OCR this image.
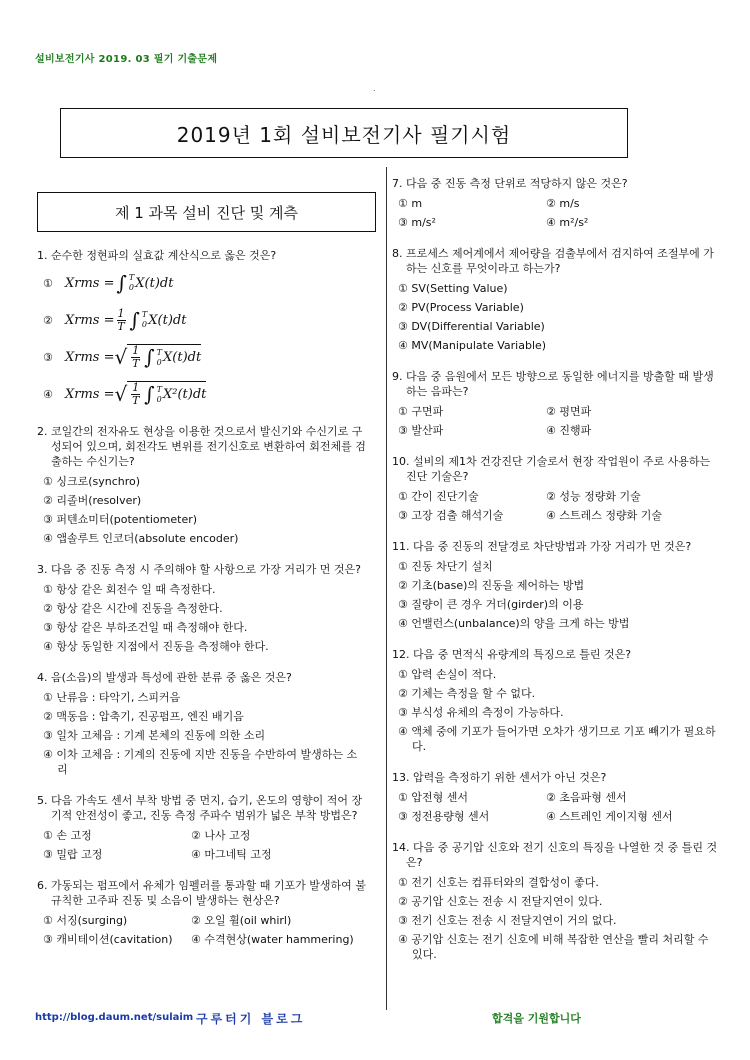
설비보전기사 2019. 03 필기 기출문제
.
2019년 1회 설비보전기사 필기시험
제 1 과목 설비 진단 및 계측
1. 순수한 정현파의 실효값 계산식으로 옳은 것은?
① Xrms = ∫ T
0 X(t)dt
② Xrms = $\frac{1}{T}$ ∫ T
0 X(t)dt
③ Xrms = √ $\frac{1}{T}$ ∫ T
0 X(t)dt
④ Xrms = √ $\frac{1}{T}$ ∫ T
0 X²(t)dt
2. 코일간의 전자유도 현상을 이용한 것으로서 발신기와 수신기로 구성되어 있으며, 회전각도 변위를 전기신호로 변환하여 회전체를 검출하는 수신기는?
① 싱크로(synchro)
② 리졸버(resolver)
③ 퍼텐쇼미터(potentiometer)
④ 앱솔루트 인코더(absolute encoder)
3. 다음 중 진동 측정 시 주의해야 할 사항으로 가장 거리가 먼 것은?
① 항상 같은 회전수 일 때 측정한다.
② 항상 같은 시간에 진동을 측정한다.
③ 항상 같은 부하조건일 때 측정해야 한다.
④ 항상 동일한 지점에서 진동을 측정해야 한다.
4. 음(소음)의 발생과 특성에 관한 분류 중 옳은 것은?
① 난류음 : 타악기, 스피커음
② 맥동음 : 압축기, 진공펌프, 엔진 배기음
③ 일차 고체음 : 기계 본체의 진동에 의한 소리
④ 이차 고체음 : 기계의 진동에 지반 진동을 수반하여 발생하는 소리
5. 다음 가속도 센서 부착 방법 중 먼지, 습기, 온도의 영향이 적어 장기적 안전성이 좋고, 진동 측정 주파수 범위가 넓은 부착 방법은?
① 손 고정	② 나사 고정
③ 밀랍 고정	④ 마그네틱 고정
6. 가동되는 펌프에서 유체가 임펠러를 통과할 때 기포가 발생하여 불규칙한 고주파 진동 및 소음이 발생하는 현상은?
① 서징(surging)	② 오일 휠(oil whirl)
③ 캐비테이션(cavitation)	④ 수격현상(water hammering)
7. 다음 중 진동 측정 단위로 적당하지 않은 것은?
① m	② m/s
③ m/s²	④ m²/s²
8. 프로세스 제어계에서 제어량을 검출부에서 검지하여 조절부에 가하는 신호를 무엇이라고 하는가?
① SV(Setting Value)
② PV(Process Variable)
③ DV(Differential Variable)
④ MV(Manipulate Variable)
9. 다음 중 음원에서 모든 방향으로 동일한 에너지를 방출할 때 발생하는 음파는?
① 구면파	② 평면파
③ 발산파	④ 진행파
10. 설비의 제1차 건강진단 기술로서 현장 작업원이 주로 사용하는 진단 기술은?
① 간이 진단기술	② 성능 정량화 기술
③ 고장 검출 해석기술	④ 스트레스 정량화 기술
11. 다음 중 진동의 전달경로 차단방법과 가장 거리가 먼 것은?
① 진동 차단기 설치
② 기초(base)의 진동을 제어하는 방법
③ 질량이 큰 경우 거더(girder)의 이용
④ 언밸런스(unbalance)의 양을 크게 하는 방법
12. 다음 중 면적식 유량계의 특징으로 틀린 것은?
① 압력 손실이 적다.
② 기체는 측정을 할 수 없다.
③ 부식성 유체의 측정이 가능하다.
④ 액체 중에 기포가 들어가면 오차가 생기므로 기포 빼기가 필요하다.
13. 압력을 측정하기 위한 센서가 아닌 것은?
① 압전형 센서	② 초음파형 센서
③ 정전용량형 센서	④ 스트레인 게이지형 센서
14. 다음 중 공기압 신호와 전기 신호의 특징을 나열한 것 중 틀린 것은?
① 전기 신호는 컴퓨터와의 결합성이 좋다.
② 공기압 신호는 전송 시 전달지연이 있다.
③ 전기 신호는 전송 시 전달지연이 거의 없다.
④ 공기압 신호는 전기 신호에 비해 복잡한 연산을 빨리 처리할 수 있다.
http://blog.daum.net/sulaim 구루터기 블로그	합격을 기원합니다
